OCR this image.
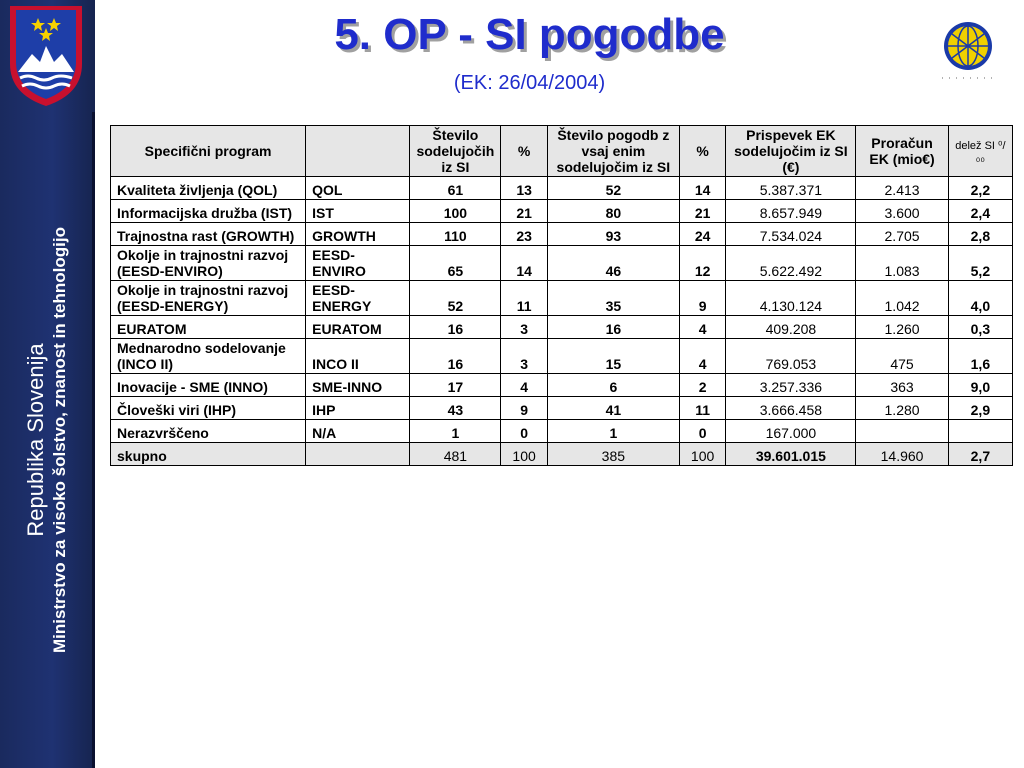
Republika Slovenija Ministrstvo za visoko šolstvo, znanost in tehnologijo
5. OP - SI pogodbe
(EK: 26/04/2004)
Specifični program		Število sodelujočih iz SI	%	Število pogodb z vsaj enim sodelujočim iz SI	%	Prispevek EK sodelujočim iz SI (€)	Proračun EK (mio€)	delež SI ⁰/₀₀
Kvaliteta življenja (QOL)	QOL	61	13	52	14	5.387.371	2.413	2,2
Informacijska družba (IST)	IST	100	21	80	21	8.657.949	3.600	2,4
Trajnostna rast (GROWTH)	GROWTH	110	23	93	24	7.534.024	2.705	2,8
Okolje in trajnostni razvoj (EESD-ENVIRO)	EESD-ENVIRO	65	14	46	12	5.622.492	1.083	5,2
Okolje in trajnostni razvoj (EESD-ENERGY)	EESD-ENERGY	52	11	35	9	4.130.124	1.042	4,0
EURATOM	EURATOM	16	3	16	4	409.208	1.260	0,3
Mednarodno sodelovanje (INCO II)	INCO II	16	3	15	4	769.053	475	1,6
Inovacije - SME (INNO)	SME-INNO	17	4	6	2	3.257.336	363	9,0
Človeški viri (IHP)	IHP	43	9	41	11	3.666.458	1.280	2,9
Nerazvrščeno	N/A	1	0	1	0	167.000		
skupno		481	100	385	100	39.601.015	14.960	2,7
